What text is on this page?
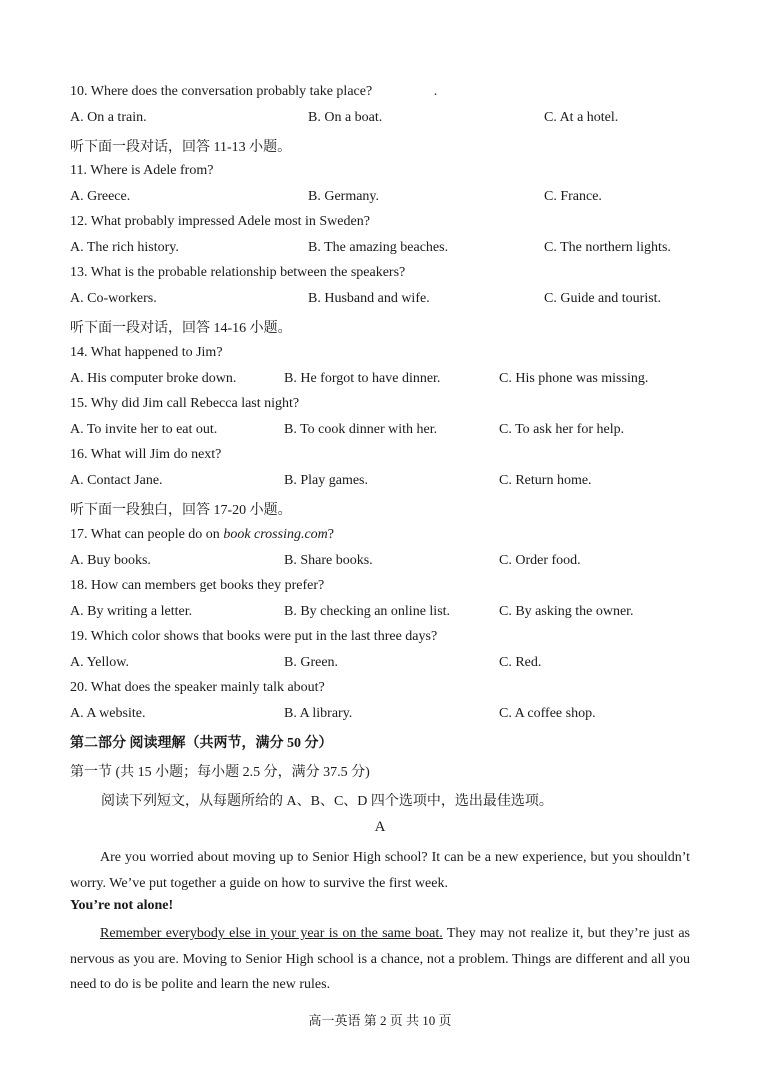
10. Where does the conversation probably take place?	.
A. On a train.	B. On a boat.	C. At a hotel.
听下面一段对话，回答 11-13 小题。
11. Where is Adele from?
A. Greece.	B. Germany.	C. France.
12. What probably impressed Adele most in Sweden?
A. The rich history.	B. The amazing beaches.	C. The northern lights.
13. What is the probable relationship between the speakers?
A. Co-workers.	B. Husband and wife.	C. Guide and tourist.
听下面一段对话，回答 14-16 小题。
14. What happened to Jim?
A. His computer broke down.	B. He forgot to have dinner.	C. His phone was missing.
15. Why did Jim call Rebecca last night?
A. To invite her to eat out.	B. To cook dinner with her.	C. To ask her for help.
16. What will Jim do next?
A. Contact Jane.	B. Play games.	C. Return home.
听下面一段独白，回答 17-20 小题。
17. What can people do on book crossing.com?
A. Buy books.	B. Share books.	C. Order food.
18. How can members get books they prefer?
A. By writing a letter.	B. By checking an online list.	C. By asking the owner.
19. Which color shows that books were put in the last three days?
A. Yellow.	B. Green.	C. Red.
20. What does the speaker mainly talk about?
A. A website.	B. A library.	C. A coffee shop.
第二部分 阅读理解（共两节，满分 50 分）
第一节 (共 15 小题；每小题 2.5 分，满分 37.5 分)
阅读下列短文，从每题所给的 A、B、C、D 四个选项中，选出最佳选项。
A
Are you worried about moving up to Senior High school? It can be a new experience, but you shouldn’t worry. We’ve put together a guide on how to survive the first week.
You’re not alone!
Remember everybody else in your year is on the same boat. They may not realize it, but they’re just as nervous as you are. Moving to Senior High school is a chance, not a problem. Things are different and all you need to do is be polite and learn the new rules.
高一英语 第 2 页 共 10 页
